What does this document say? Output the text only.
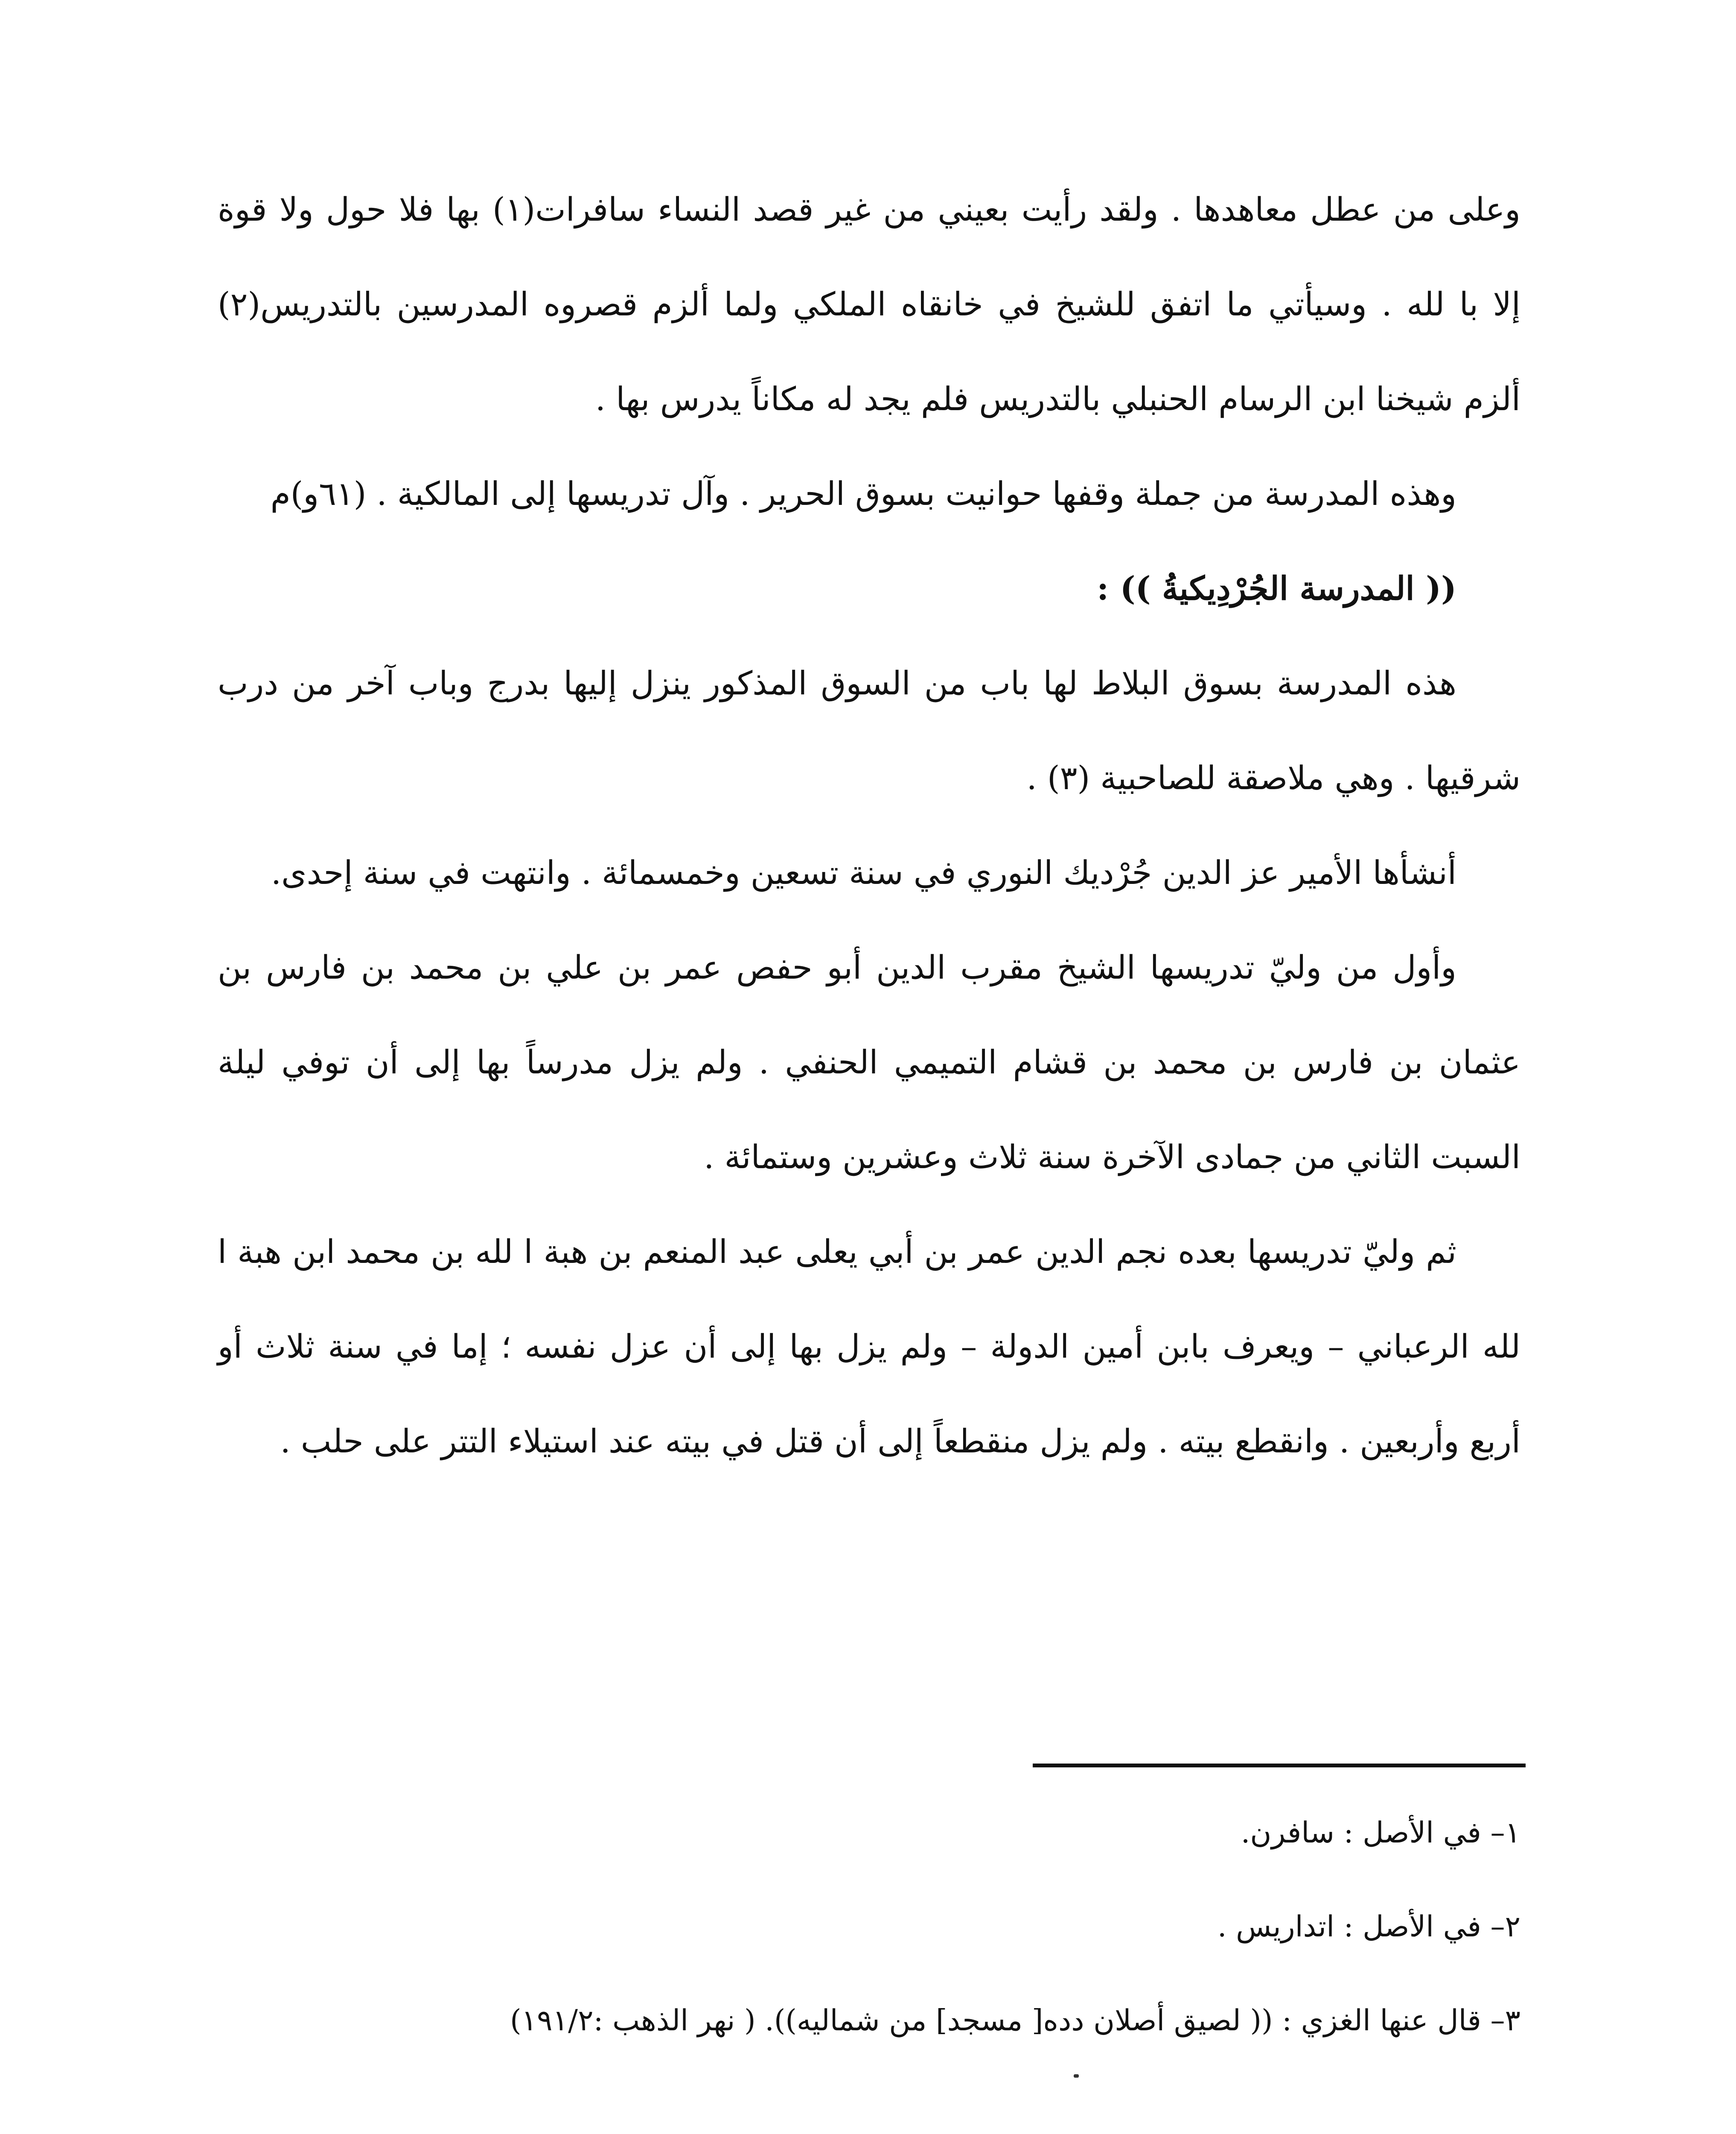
وعلى من عطل معاهدها . ولقد رأيت بعيني من غير قصد النساء سافرات(١) بها فلا حول ولا قوة إلا با لله . وسيأتي ما اتفق للشيخ في خانقاه الملكي ولما ألزم قصروه المدرسين بالتدريس(٢) ألزم شيخنا ابن الرسام الحنبلي بالتدريس فلم يجد له مكاناً يدرس بها .

وهذه المدرسة من جملة وقفها حوانيت بسوق الحرير . وآل تدريسها إلى المالكية . (٦١و)م

(( المدرسة الجُرْدِيكيةُ )) :

هذه المدرسة بسوق البلاط لها باب من السوق المذكور ينزل إليها بدرج وباب آخر من درب شرقيها . وهي ملاصقة للصاحبية (٣) .

أنشأها الأمير عز الدين جُرْديك النوري في سنة تسعين وخمسمائة . وانتهت في سنة إحدى.

وأول من وليّ تدريسها الشيخ مقرب الدين أبو حفص عمر بن علي بن محمد بن فارس بن عثمان بن فارس بن محمد بن قشام التميمي الحنفي . ولم يزل مدرساً بها إلى أن توفي ليلة السبت الثاني من جمادى الآخرة سنة ثلاث وعشرين وستمائة .

ثم وليّ تدريسها بعده نجم الدين عمر بن أبي يعلى عبد المنعم بن هبة ا لله بن محمد ابن هبة ا لله الرعباني – ويعرف بابن أمين الدولة – ولم يزل بها إلى أن عزل نفسه ؛ إما في سنة ثلاث أو أربع وأربعين . وانقطع بيته . ولم يزل منقطعاً إلى أن قتل في بيته عند استيلاء التتر على حلب .

١– في الأصل : سافرن.

٢– في الأصل : اتداريس .

٣– قال عنها الغزي : (( لصيق أصلان دده[ مسجد] من شماليه)). ( نهر الذهب :١٩١/٢)
